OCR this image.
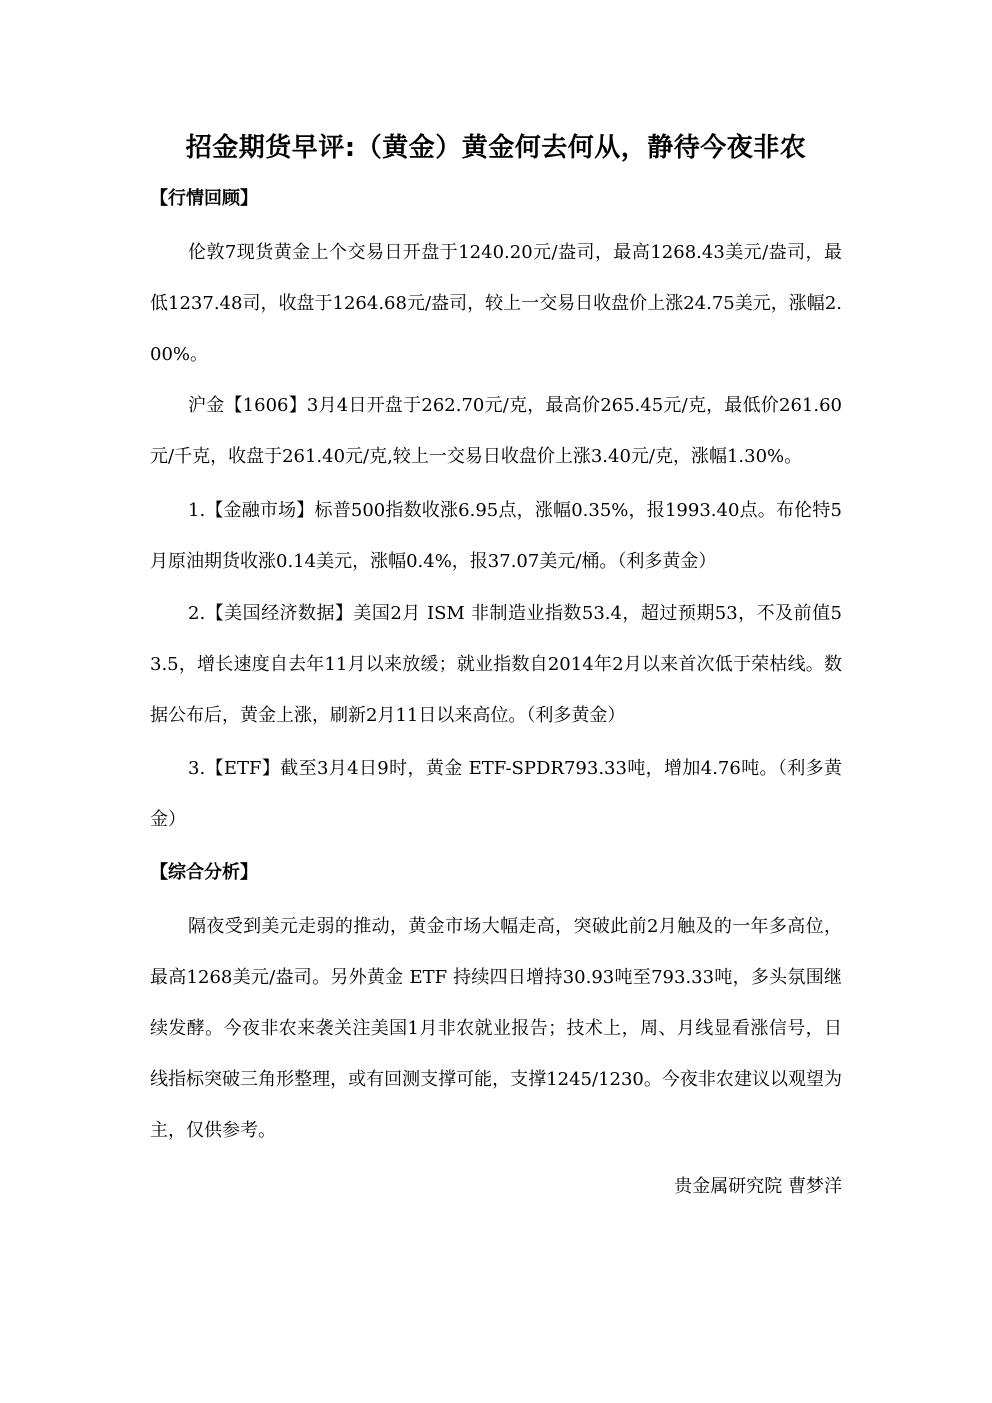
招金期货早评:（黄金）黄金何去何从，静待今夜非农
【行情回顾】

伦敦7现货黄金上个交易日开盘于1240.20元/盎司，最高1268.43美元/盎司，最低1237.48司，收盘于1264.68元/盎司，较上一交易日收盘价上涨24.75美元，涨幅2.00%。

沪金【1606】3月4日开盘于262.70元/克，最高价265.45元/克，最低价261.60元/千克，收盘于261.40元/克,较上一交易日收盘价上涨3.40元/克，涨幅1.30%。

1.【金融市场】标普500指数收涨6.95点，涨幅0.35%，报1993.40点。布伦特5月原油期货收涨0.14美元，涨幅0.4%，报37.07美元/桶。（利多黄金）

2.【美国经济数据】美国2月 ISM 非制造业指数53.4，超过预期53，不及前值53.5，增长速度自去年11月以来放缓；就业指数自2014年2月以来首次低于荣枯线。数据公布后，黄金上涨，刷新2月11日以来高位。（利多黄金）

3.【ETF】截至3月4日9时，黄金 ETF-SPDR793.33吨，增加4.76吨。（利多黄金）

【综合分析】

隔夜受到美元走弱的推动，黄金市场大幅走高，突破此前2月触及的一年多高位，最高1268美元/盎司。另外黄金 ETF 持续四日增持30.93吨至793.33吨，多头氛围继续发酵。今夜非农来袭关注美国1月非农就业报告；技术上，周、月线显看涨信号，日线指标突破三角形整理，或有回测支撑可能，支撑1245/1230。今夜非农建议以观望为主，仅供参考。

贵金属研究院 曹梦洋
